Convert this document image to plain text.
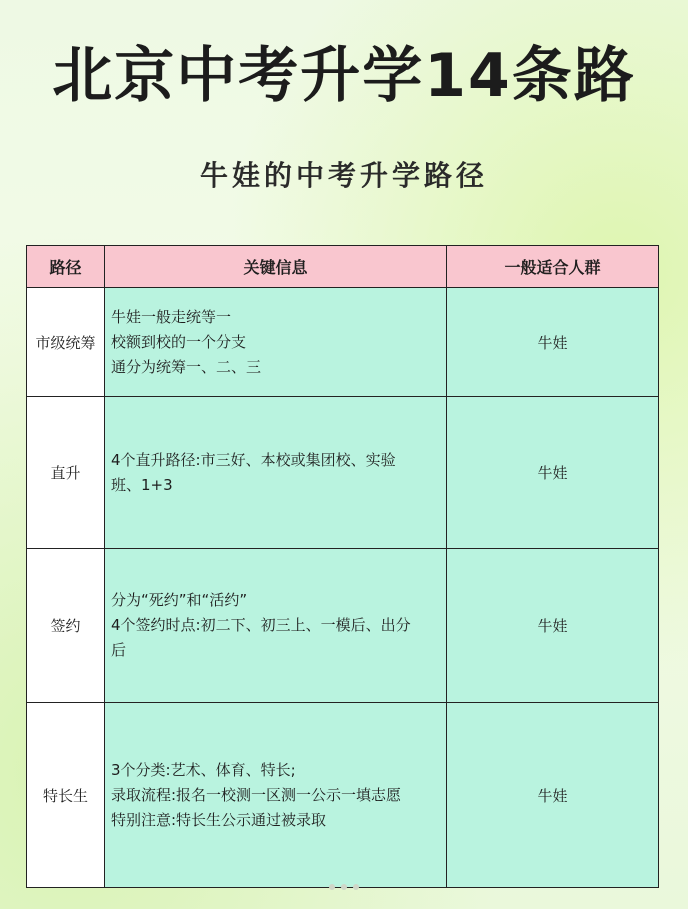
北京中考升学14条路
牛娃的中考升学路径
路径	关键信息	一般适合人群
市级统筹	牛娃一般走统等一
校额到校的一个分支
通分为统筹一、二、三	牛娃
直升	4个直升路径:市三好、本校或集团校、实验
班、1+3	牛娃
签约	分为“死约”和“活约”
4个签约时点:初二下、初三上、一模后、出分
后	牛娃
特长生	3个分类:艺术、体育、特长;
录取流程:报名一校测一区测一公示一填志愿
特别注意:特长生公示通过被录取	牛娃
